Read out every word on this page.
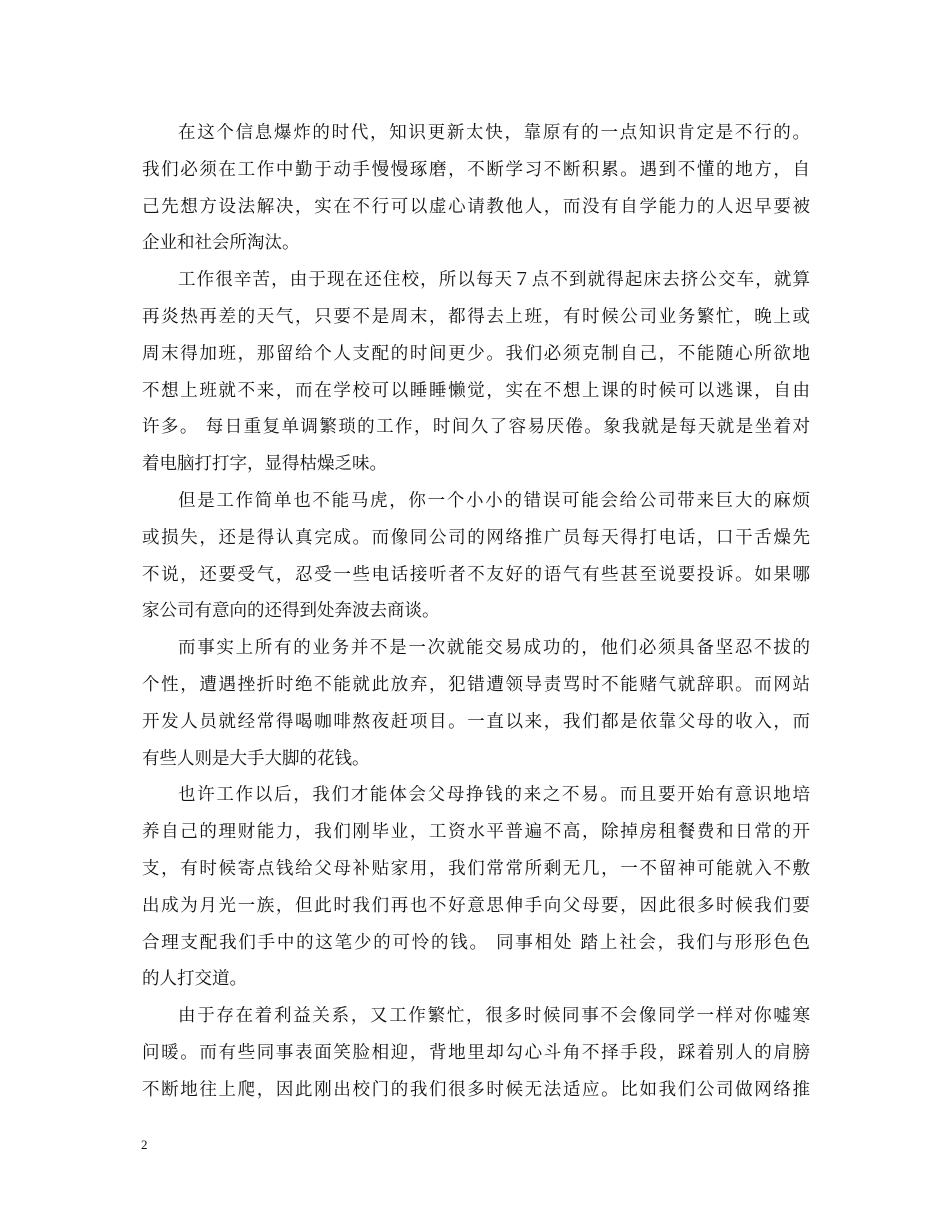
在这个信息爆炸的时代，知识更新太快，靠原有的一点知识肯定是不行的。
我们必须在工作中勤于动手慢慢琢磨，不断学习不断积累。遇到不懂的地方，自
己先想方设法解决，实在不行可以虚心请教他人，而没有自学能力的人迟早要被
企业和社会所淘汰。
工作很辛苦，由于现在还住校，所以每天７点不到就得起床去挤公交车，就算
再炎热再差的天气，只要不是周末，都得去上班，有时候公司业务繁忙，晚上或
周末得加班，那留给个人支配的时间更少。我们必须克制自己，不能随心所欲地
不想上班就不来，而在学校可以睡睡懒觉，实在不想上课的时候可以逃课，自由
许多。 每日重复单调繁琐的工作，时间久了容易厌倦。象我就是每天就是坐着对
着电脑打打字，显得枯燥乏味。
但是工作简单也不能马虎，你一个小小的错误可能会给公司带来巨大的麻烦
或损失，还是得认真完成。而像同公司的网络推广员每天得打电话，口干舌燥先
不说，还要受气，忍受一些电话接听者不友好的语气有些甚至说要投诉。如果哪
家公司有意向的还得到处奔波去商谈。
而事实上所有的业务并不是一次就能交易成功的，他们必须具备坚忍不拔的
个性，遭遇挫折时绝不能就此放弃，犯错遭领导责骂时不能赌气就辞职。而网站
开发人员就经常得喝咖啡熬夜赶项目。一直以来，我们都是依靠父母的收入，而
有些人则是大手大脚的花钱。
也许工作以后，我们才能体会父母挣钱的来之不易。而且要开始有意识地培
养自己的理财能力，我们刚毕业，工资水平普遍不高，除掉房租餐费和日常的开
支，有时候寄点钱给父母补贴家用，我们常常所剩无几，一不留神可能就入不敷
出成为月光一族，但此时我们再也不好意思伸手向父母要，因此很多时候我们要
合理支配我们手中的这笔少的可怜的钱。 同事相处 踏上社会，我们与形形色色
的人打交道。
由于存在着利益关系，又工作繁忙，很多时候同事不会像同学一样对你嘘寒
问暖。而有些同事表面笑脸相迎，背地里却勾心斗角不择手段，踩着别人的肩膀
不断地往上爬，因此刚出校门的我们很多时候无法适应。比如我们公司做网络推
2
